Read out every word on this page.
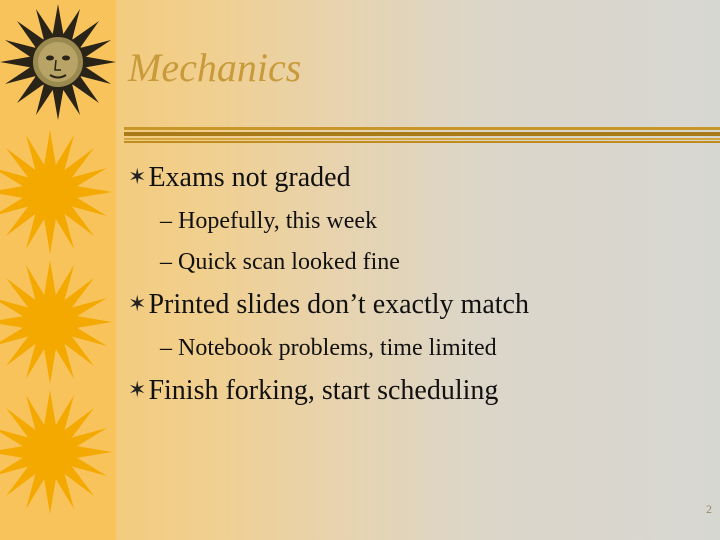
Mechanics
✶Exams not graded
– Hopefully, this week
– Quick scan looked fine
✶Printed slides don’t exactly match
– Notebook problems, time limited
✶Finish forking, start scheduling
2
